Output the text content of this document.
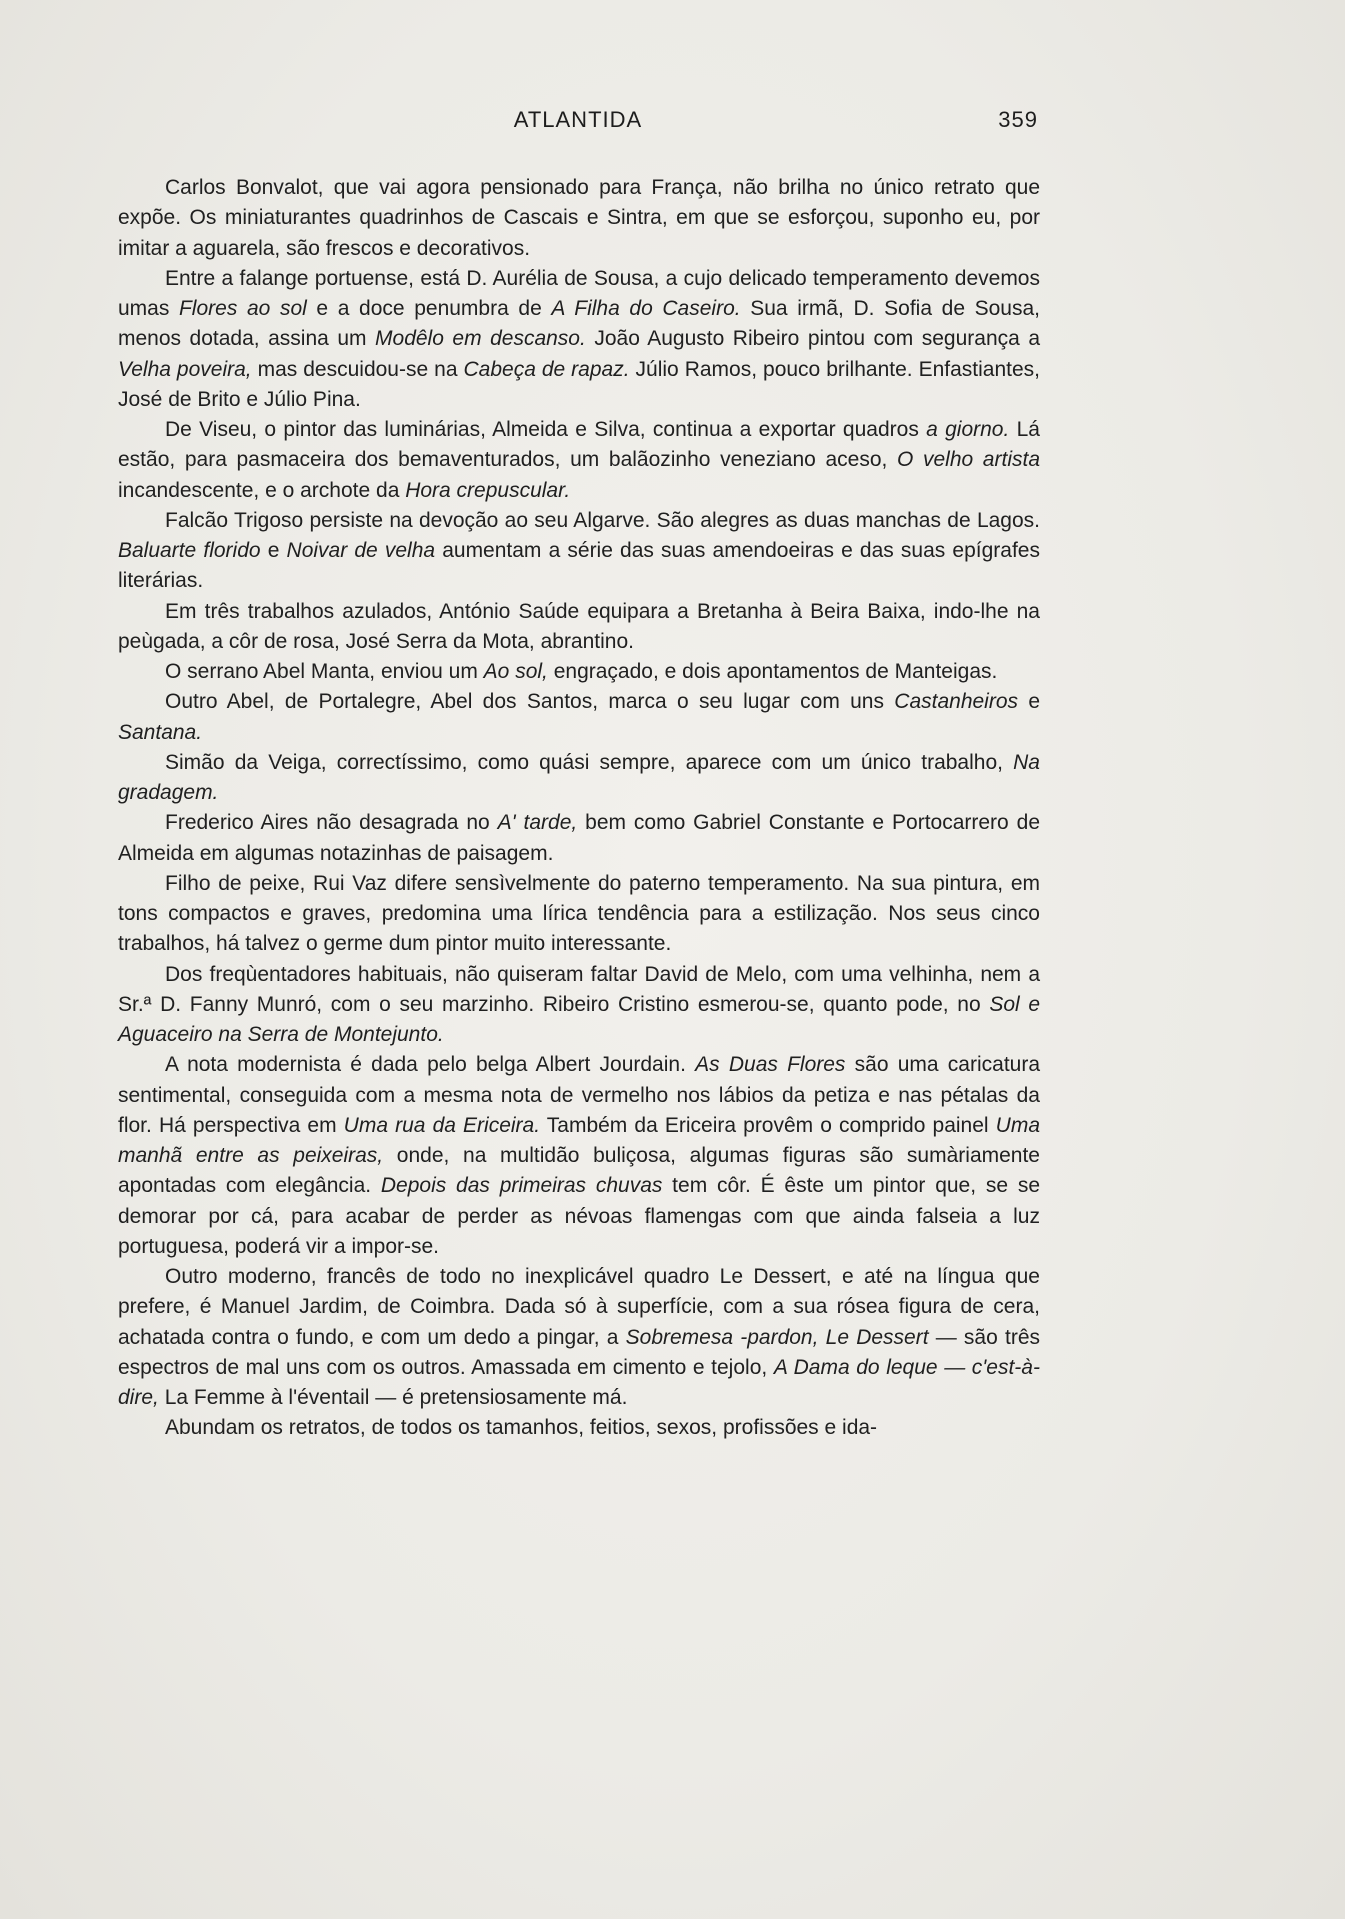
ATLANTIDA	359

Carlos Bonvalot, que vai agora pensionado para França, não brilha no único retrato que expõe. Os miniaturantes quadrinhos de Cascais e Sintra, em que se esforçou, suponho eu, por imitar a aguarela, são frescos e decorativos.

Entre a falange portuense, está D. Aurélia de Sousa, a cujo delicado temperamento devemos umas Flores ao sol e a doce penumbra de A Filha do Caseiro. Sua irmã, D. Sofia de Sousa, menos dotada, assina um Modêlo em descanso. João Augusto Ribeiro pintou com segurança a Velha poveira, mas descuidou-se na Cabeça de rapaz. Júlio Ramos, pouco brilhante. Enfastiantes, José de Brito e Júlio Pina.

De Viseu, o pintor das luminárias, Almeida e Silva, continua a exportar quadros a giorno. Lá estão, para pasmaceira dos bemaventurados, um balãozinho veneziano aceso, O velho artista incandescente, e o archote da Hora crepuscular.

Falcão Trigoso persiste na devoção ao seu Algarve. São alegres as duas manchas de Lagos. Baluarte florido e Noivar de velha aumentam a série das suas amendoeiras e das suas epígrafes literárias.

Em três trabalhos azulados, António Saúde equipara a Bretanha à Beira Baixa, indo-lhe na peùgada, a côr de rosa, José Serra da Mota, abrantino.

O serrano Abel Manta, enviou um Ao sol, engraçado, e dois apontamentos de Manteigas.

Outro Abel, de Portalegre, Abel dos Santos, marca o seu lugar com uns Castanheiros e Santana.

Simão da Veiga, correctíssimo, como quási sempre, aparece com um único trabalho, Na gradagem.

Frederico Aires não desagrada no A' tarde, bem como Gabriel Constante e Portocarrero de Almeida em algumas notazinhas de paisagem.

Filho de peixe, Rui Vaz difere sensìvelmente do paterno temperamento. Na sua pintura, em tons compactos e graves, predomina uma lírica tendência para a estilização. Nos seus cinco trabalhos, há talvez o germe dum pintor muito interessante.

Dos freqùentadores habituais, não quiseram faltar David de Melo, com uma velhinha, nem a Sr.ª D. Fanny Munró, com o seu marzinho. Ribeiro Cristino esmerou-se, quanto pode, no Sol e Aguaceiro na Serra de Montejunto.

A nota modernista é dada pelo belga Albert Jourdain. As Duas Flores são uma caricatura sentimental, conseguida com a mesma nota de vermelho nos lábios da petiza e nas pétalas da flor. Há perspectiva em Uma rua da Ericeira. Também da Ericeira provêm o comprido painel Uma manhã entre as peixeiras, onde, na multidão buliçosa, algumas figuras são sumàriamente apontadas com elegância. Depois das primeiras chuvas tem côr. É êste um pintor que, se se demorar por cá, para acabar de perder as névoas flamengas com que ainda falseia a luz portuguesa, poderá vir a impor-se.

Outro moderno, francês de todo no inexplicável quadro Le Dessert, e até na língua que prefere, é Manuel Jardim, de Coimbra. Dada só à superfície, com a sua rósea figura de cera, achatada contra o fundo, e com um dedo a pingar, a Sobremesa -pardon, Le Dessert — são três espectros de mal uns com os outros. Amassada em cimento e tejolo, A Dama do leque — c'est-à-dire, La Femme à l'éventail — é pretensiosamente má.

Abundam os retratos, de todos os tamanhos, feitios, sexos, profissões e ida-
